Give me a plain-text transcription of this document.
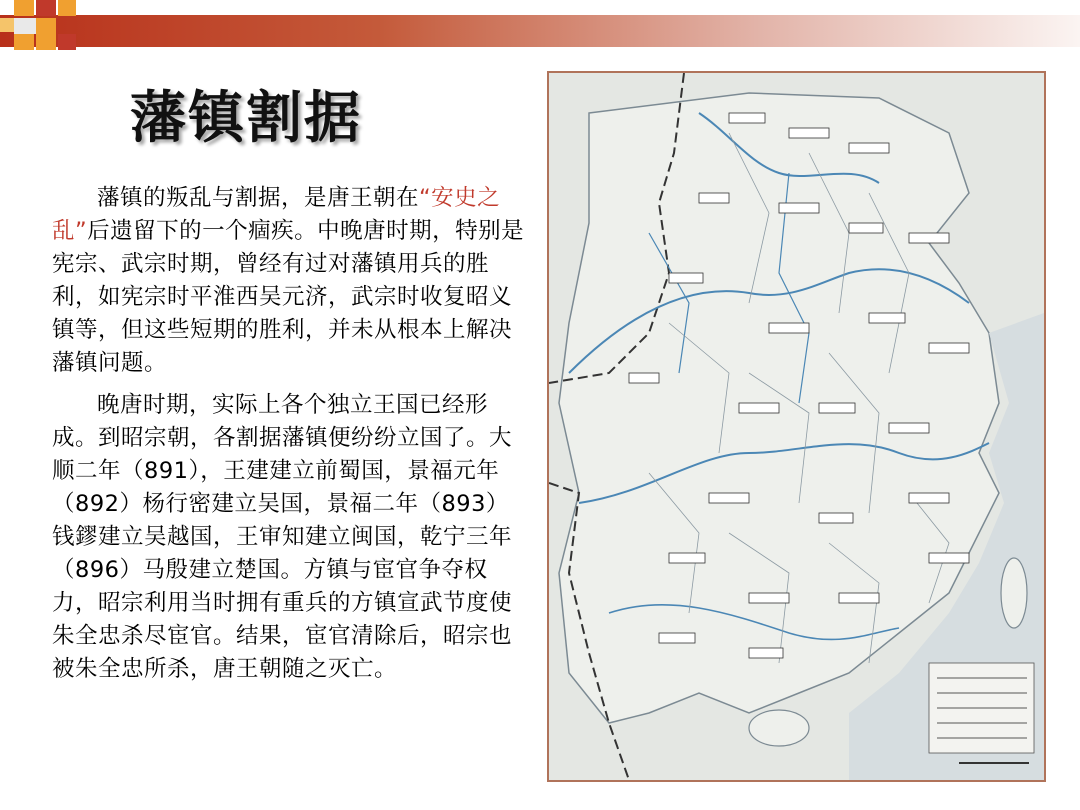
藩镇割据

藩镇的叛乱与割据，是唐王朝在“安史之乱”后遗留下的一个痼疾。中晚唐时期，特别是宪宗、武宗时期，曾经有过对藩镇用兵的胜利，如宪宗时平淮西吴元济，武宗时收复昭义镇等，但这些短期的胜利，并未从根本上解决藩镇问题。

晚唐时期，实际上各个独立王国已经形成。到昭宗朝，各割据藩镇便纷纷立国了。大顺二年（891），王建建立前蜀国，景福元年（892）杨行密建立吴国，景福二年（893）钱鏐建立吴越国，王审知建立闽国，乾宁三年（896）马殷建立楚国。方镇与宦官争夺权力，昭宗利用当时拥有重兵的方镇宣武节度使朱全忠杀尽宦官。结果，宦官清除后，昭宗也被朱全忠所杀，唐王朝随之灭亡。
